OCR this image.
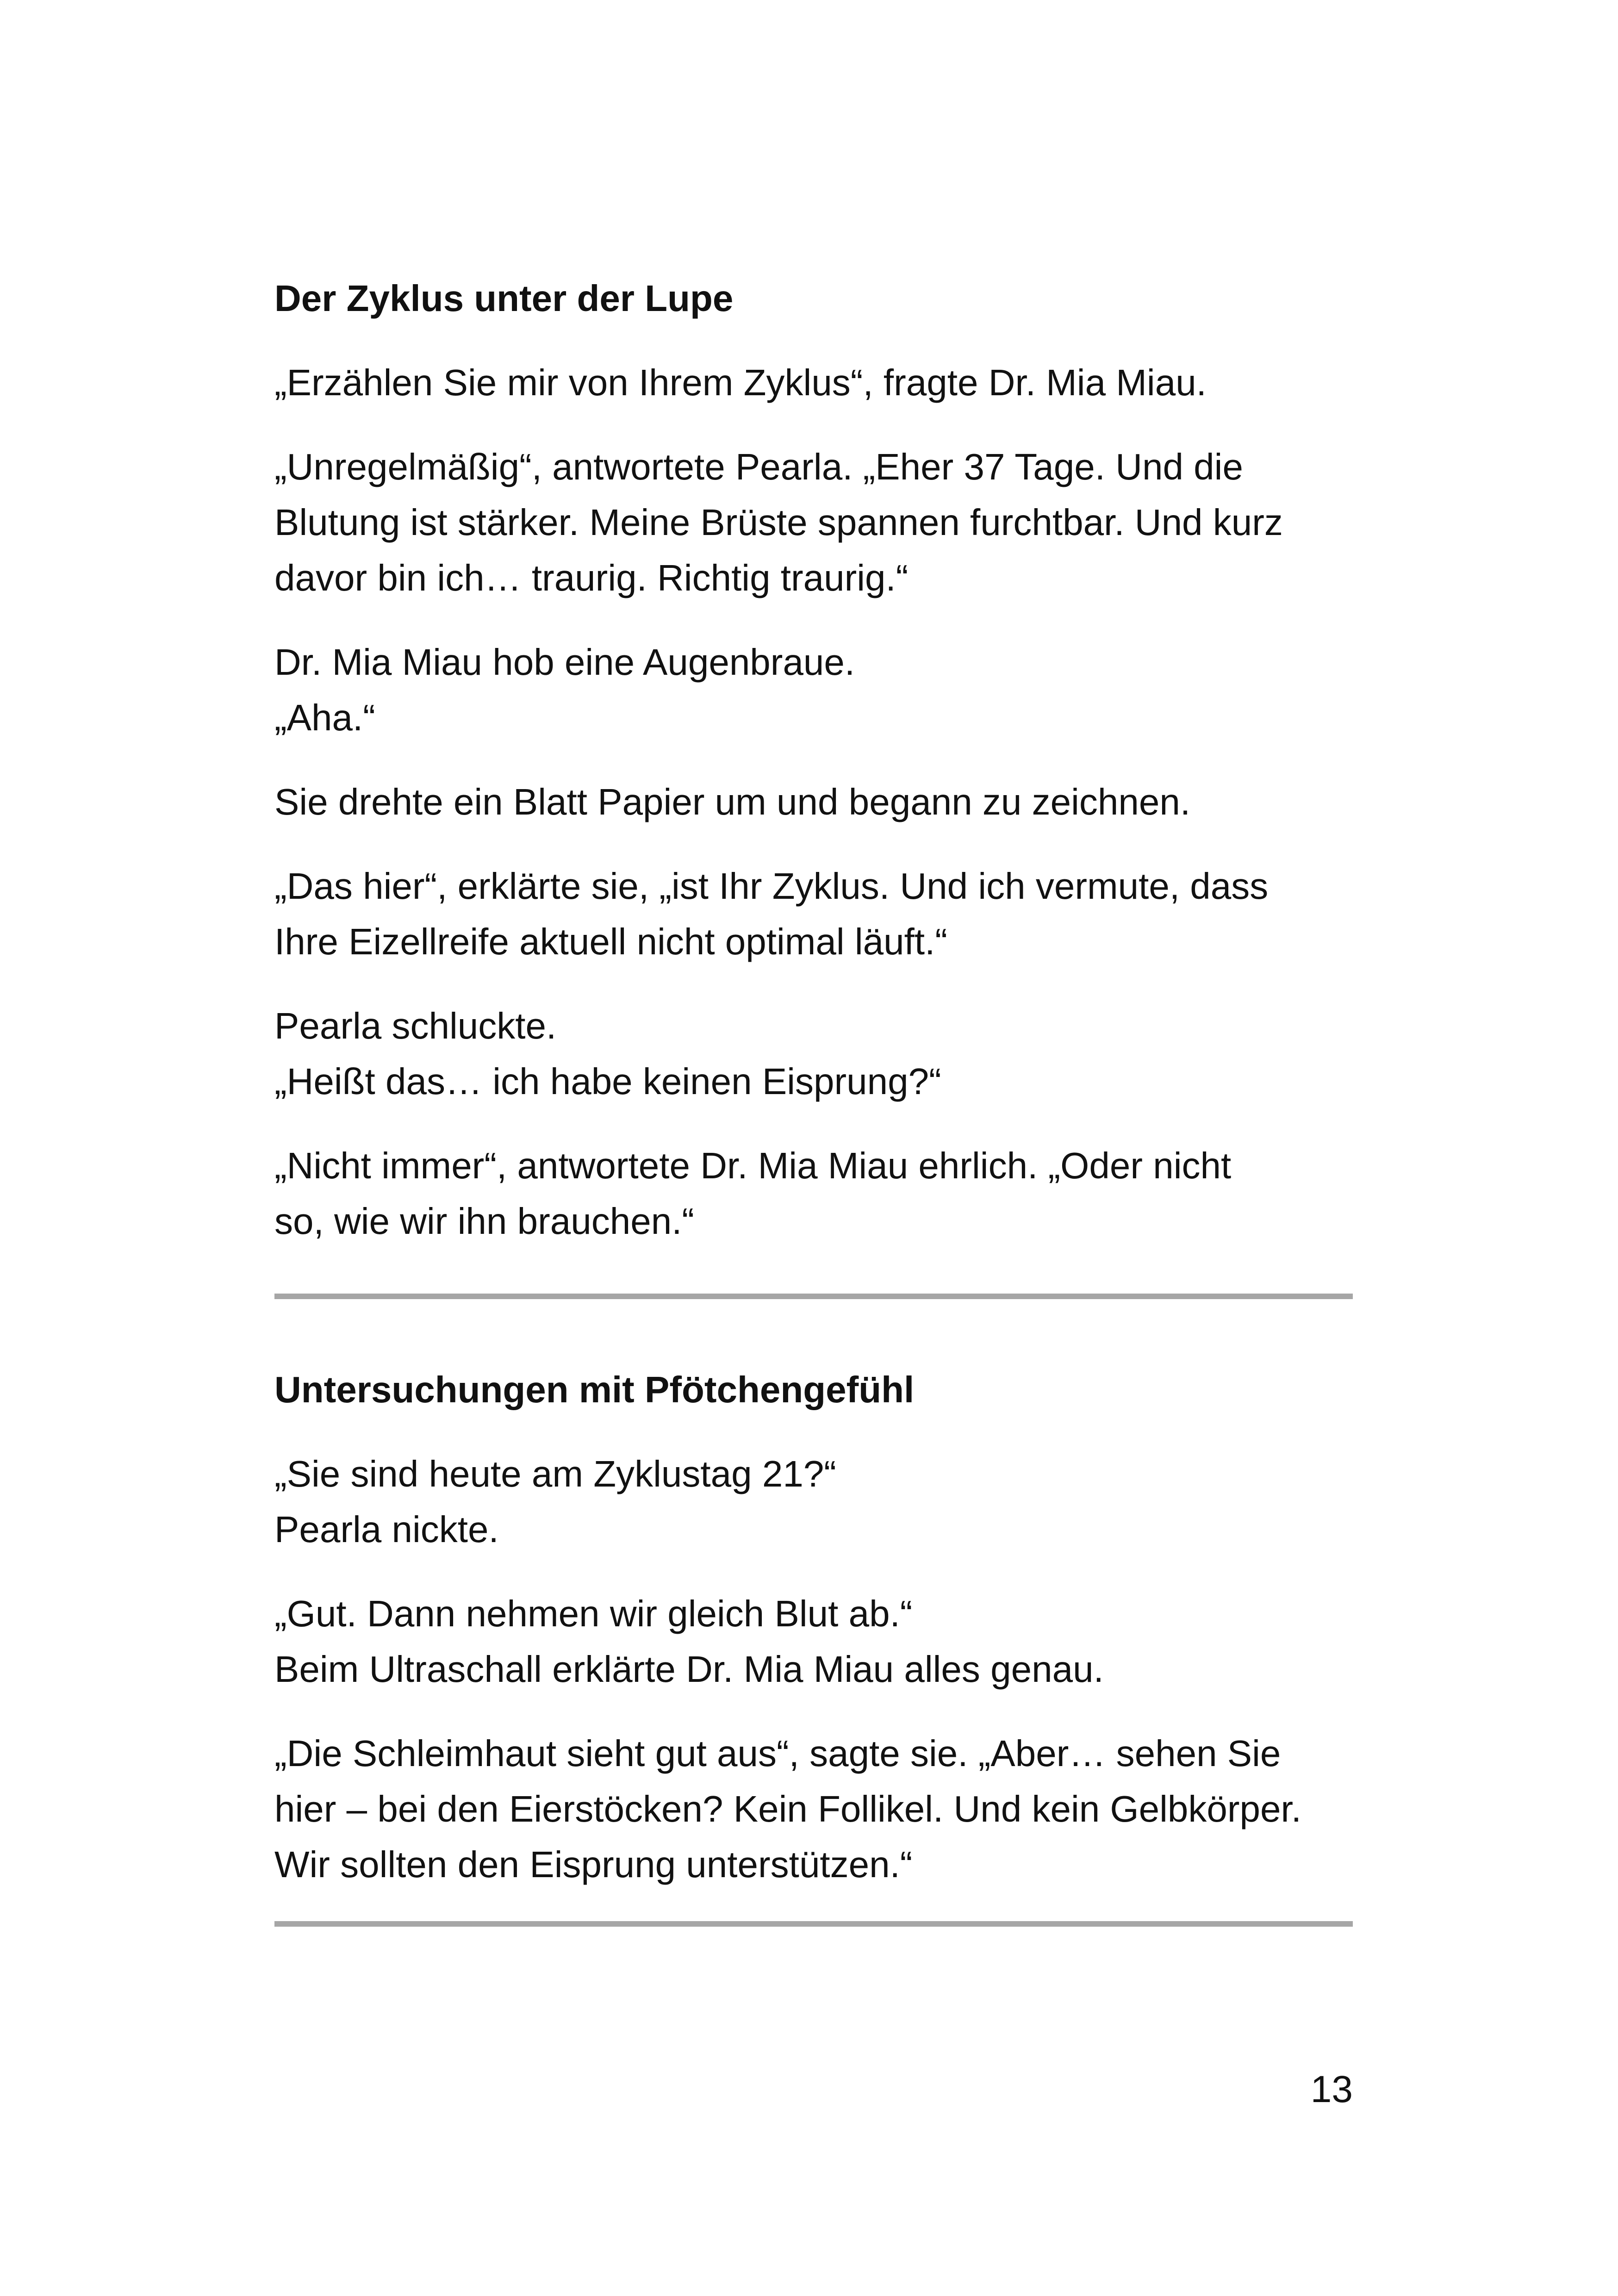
Der Zyklus unter der Lupe

„Erzählen Sie mir von Ihrem Zyklus“, fragte Dr. Mia Miau.

„Unregelmäßig“, antwortete Pearla. „Eher 37 Tage. Und die
Blutung ist stärker. Meine Brüste spannen furchtbar. Und kurz
davor bin ich… traurig. Richtig traurig.“

Dr. Mia Miau hob eine Augenbraue.
„Aha.“

Sie drehte ein Blatt Papier um und begann zu zeichnen.

„Das hier“, erklärte sie, „ist Ihr Zyklus. Und ich vermute, dass
Ihre Eizellreife aktuell nicht optimal läuft.“

Pearla schluckte.
„Heißt das… ich habe keinen Eisprung?“

„Nicht immer“, antwortete Dr. Mia Miau ehrlich. „Oder nicht
so, wie wir ihn brauchen.“

Untersuchungen mit Pfötchengefühl

„Sie sind heute am Zyklustag 21?“
Pearla nickte.

„Gut. Dann nehmen wir gleich Blut ab.“
Beim Ultraschall erklärte Dr. Mia Miau alles genau.

„Die Schleimhaut sieht gut aus“, sagte sie. „Aber… sehen Sie
hier – bei den Eierstöcken? Kein Follikel. Und kein Gelbkörper.
Wir sollten den Eisprung unterstützen.“

13
